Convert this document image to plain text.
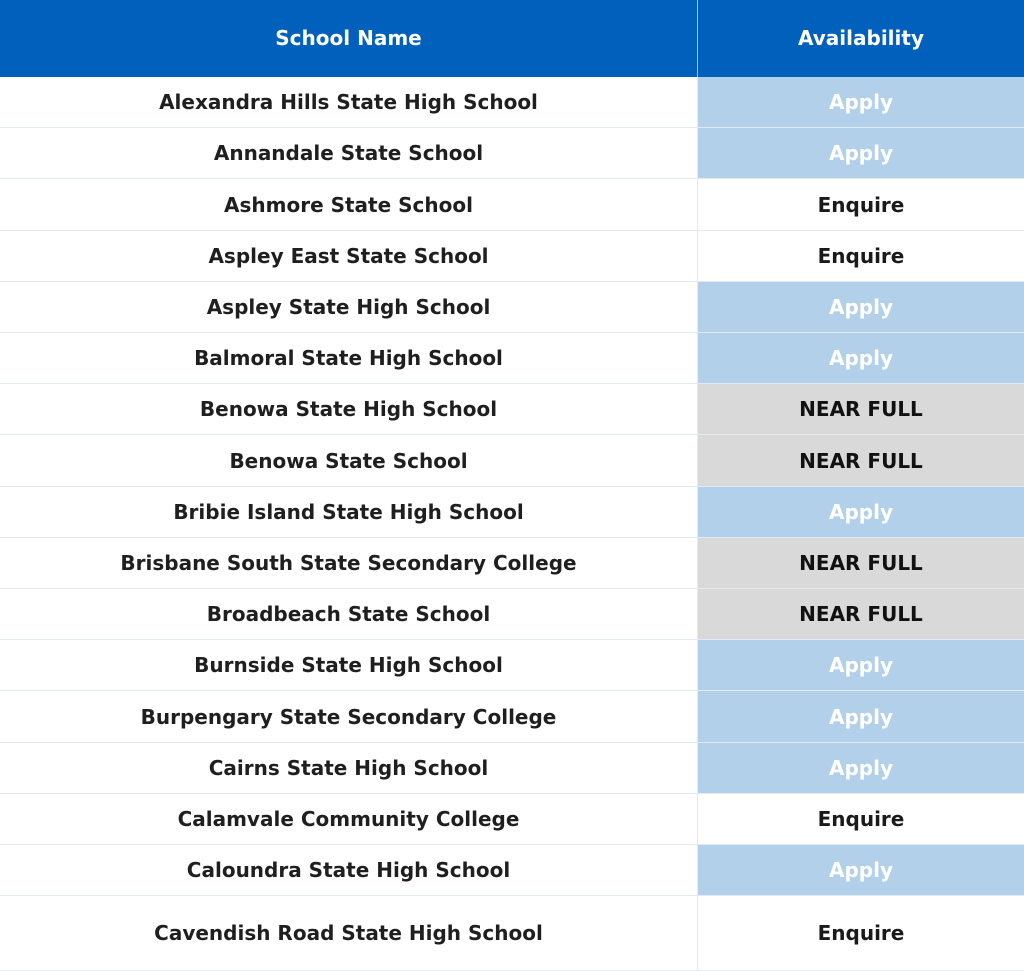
School Name	Availability
Alexandra Hills State High School	Apply
Annandale State School	Apply
Ashmore State School	Enquire
Aspley East State School	Enquire
Aspley State High School	Apply
Balmoral State High School	Apply
Benowa State High School	NEAR FULL
Benowa State School	NEAR FULL
Bribie Island State High School	Apply
Brisbane South State Secondary College	NEAR FULL
Broadbeach State School	NEAR FULL
Burnside State High School	Apply
Burpengary State Secondary College	Apply
Cairns State High School	Apply
Calamvale Community College	Enquire
Caloundra State High School	Apply
Cavendish Road State High School	Enquire
